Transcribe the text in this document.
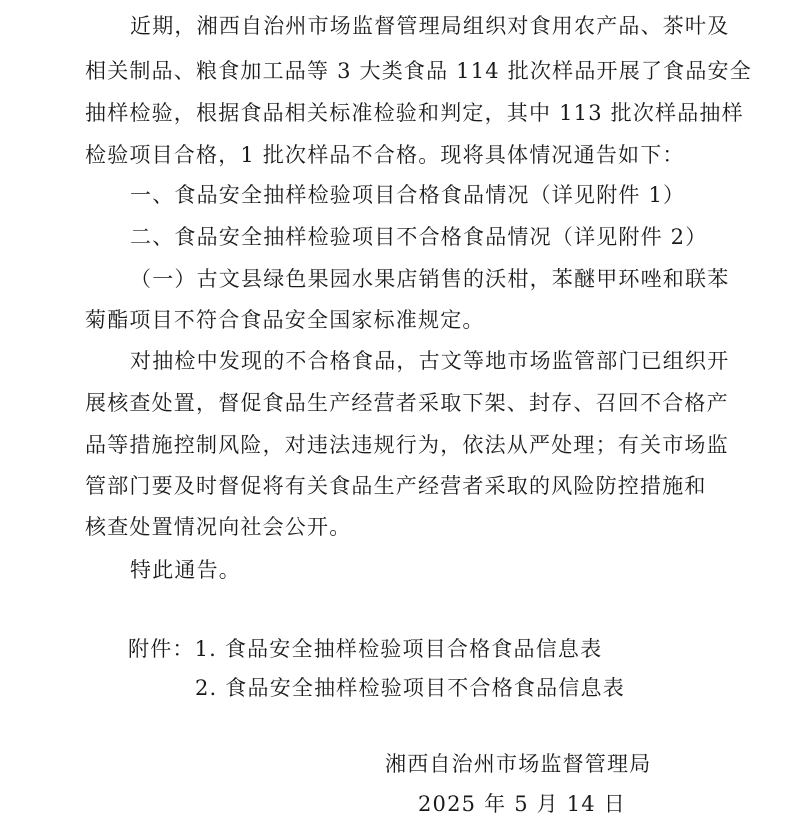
近期，湘西自治州市场监督管理局组织对食用农产品、茶叶及
相关制品、粮食加工品等 3 大类食品 114 批次样品开展了食品安全
抽样检验，根据食品相关标准检验和判定，其中 113 批次样品抽样
检验项目合格，1 批次样品不合格。现将具体情况通告如下：
一、食品安全抽样检验项目合格食品情况（详见附件 1）
二、食品安全抽样检验项目不合格食品情况（详见附件 2）
（一）古文县绿色果园水果店销售的沃柑，苯醚甲环唑和联苯
菊酯项目不符合食品安全国家标准规定。
对抽检中发现的不合格食品，古文等地市场监管部门已组织开
展核查处置，督促食品生产经营者采取下架、封存、召回不合格产
品等措施控制风险，对违法违规行为，依法从严处理；有关市场监
管部门要及时督促将有关食品生产经营者采取的风险防控措施和
核查处置情况向社会公开。
特此通告。
附件：1. 食品安全抽样检验项目合格食品信息表
2. 食品安全抽样检验项目不合格食品信息表
湘西自治州市场监督管理局
2025 年 5 月 14 日
